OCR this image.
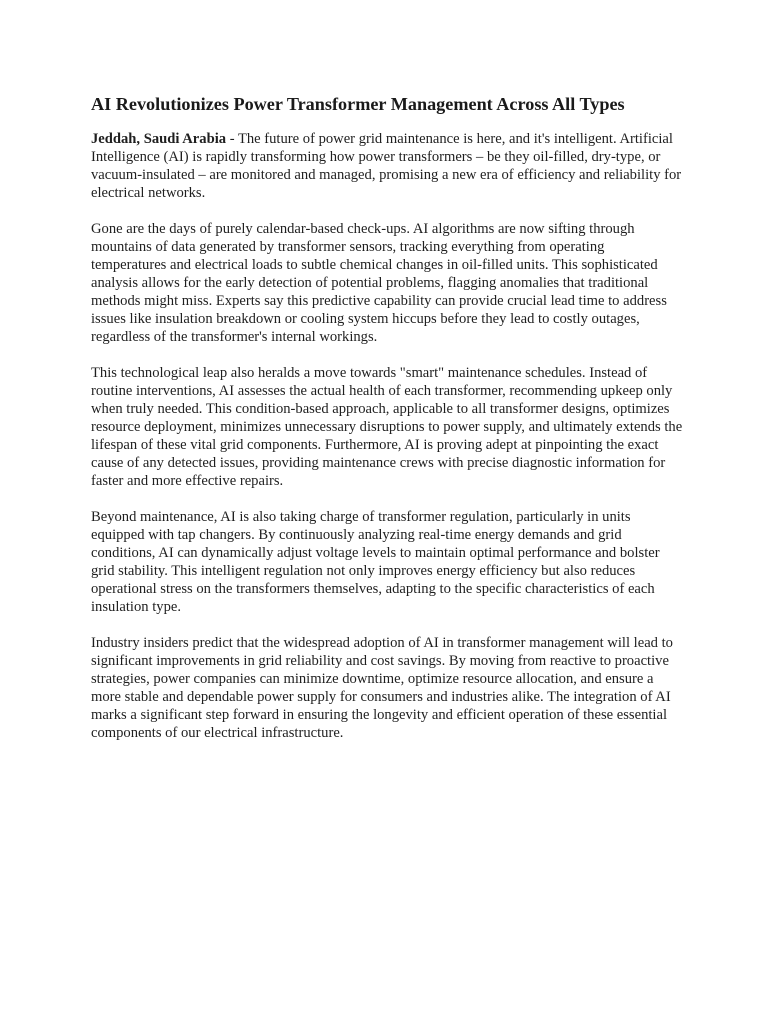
AI Revolutionizes Power Transformer Management Across All Types

Jeddah, Saudi Arabia - The future of power grid maintenance is here, and it's intelligent. Artificial Intelligence (AI) is rapidly transforming how power transformers – be they oil-filled, dry-type, or vacuum-insulated – are monitored and managed, promising a new era of efficiency and reliability for electrical networks.

Gone are the days of purely calendar-based check-ups. AI algorithms are now sifting through mountains of data generated by transformer sensors, tracking everything from operating temperatures and electrical loads to subtle chemical changes in oil-filled units. This sophisticated analysis allows for the early detection of potential problems, flagging anomalies that traditional methods might miss. Experts say this predictive capability can provide crucial lead time to address issues like insulation breakdown or cooling system hiccups before they lead to costly outages, regardless of the transformer's internal workings.

This technological leap also heralds a move towards "smart" maintenance schedules. Instead of routine interventions, AI assesses the actual health of each transformer, recommending upkeep only when truly needed. This condition-based approach, applicable to all transformer designs, optimizes resource deployment, minimizes unnecessary disruptions to power supply, and ultimately extends the lifespan of these vital grid components. Furthermore, AI is proving adept at pinpointing the exact cause of any detected issues, providing maintenance crews with precise diagnostic information for faster and more effective repairs.

Beyond maintenance, AI is also taking charge of transformer regulation, particularly in units equipped with tap changers. By continuously analyzing real-time energy demands and grid conditions, AI can dynamically adjust voltage levels to maintain optimal performance and bolster grid stability. This intelligent regulation not only improves energy efficiency but also reduces operational stress on the transformers themselves, adapting to the specific characteristics of each insulation type.

Industry insiders predict that the widespread adoption of AI in transformer management will lead to significant improvements in grid reliability and cost savings. By moving from reactive to proactive strategies, power companies can minimize downtime, optimize resource allocation, and ensure a more stable and dependable power supply for consumers and industries alike. The integration of AI marks a significant step forward in ensuring the longevity and efficient operation of these essential components of our electrical infrastructure.
